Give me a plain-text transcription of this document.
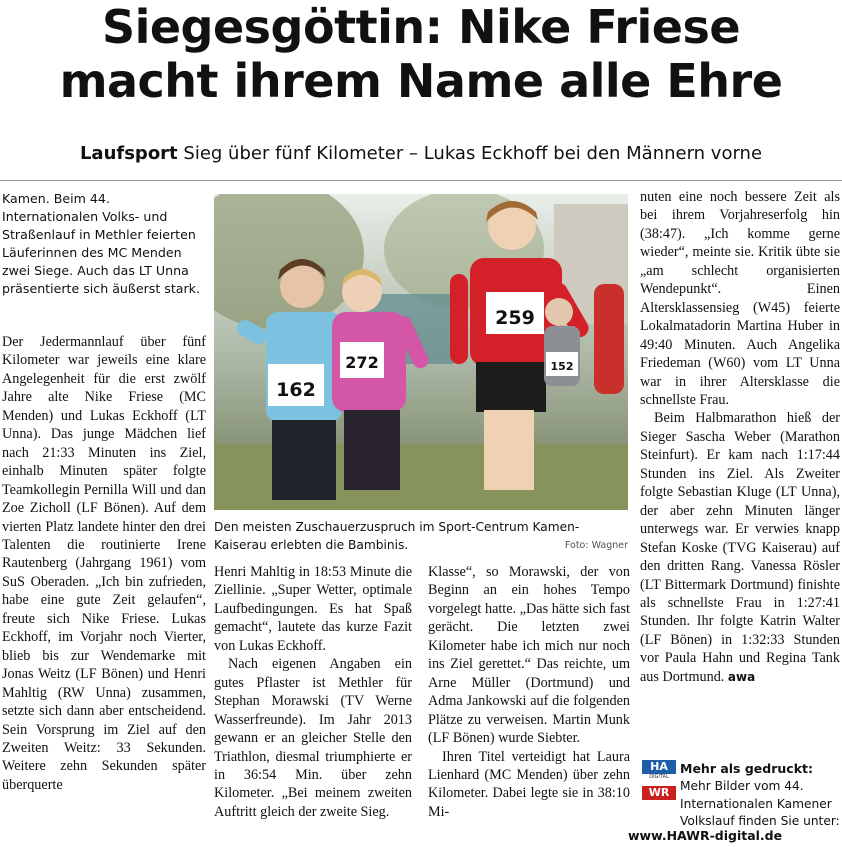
Siegesgöttin: Nike Friese
macht ihrem Name alle Ehre
Laufsport Sieg über fünf Kilometer – Lukas Eckhoff bei den Männern vorne

Kamen. Beim 44. Internationalen Volks- und Straßenlauf in Methler feierten Läuferinnen des MC Menden zwei Siege. Auch das LT Unna präsentierte sich äußerst stark.

Der Jedermannlauf über fünf Kilometer war jeweils eine klare Angelegenheit für die erst zwölf Jahre alte Nike Friese (MC Menden) und Lukas Eckhoff (LT Unna). Das junge Mädchen lief nach 21:33 Minuten ins Ziel, einhalb Minuten später folgte Teamkollegin Pernilla Will und dan Zoe Zicholl (LF Bönen). Auf dem vierten Platz landete hinter den drei Talenten die routinierte Irene Rautenberg (Jahrgang 1961) vom SuS Oberaden. „Ich bin zufrieden, habe eine gute Zeit gelaufen“, freute sich Nike Friese. Lukas Eckhoff, im Vorjahr noch Vierter, blieb bis zur Wendemarke mit Jonas Weitz (LF Bönen) und Henri Mahltig (RW Unna) zusammen, setzte sich dann aber entscheidend. Sein Vorsprung im Ziel auf den Zweiten Weitz: 33 Sekunden. Weitere zehn Sekunden später überquerte

162
272
259
152

Den meisten Zuschauerzuspruch im Sport-Centrum Kamen-Kaiserau erlebten die Bambinis.	Foto: Wagner

Henri Mahltig in 18:53 Minute die Ziellinie. „Super Wetter, optimale Laufbedingungen. Es hat Spaß gemacht“, lautete das kurze Fazit von Lukas Eckhoff.

Nach eigenen Angaben ein gutes Pflaster ist Methler für Stephan Morawski (TV Werne Wasserfreunde). Im Jahr 2013 gewann er an gleicher Stelle den Triathlon, diesmal triumphierte er in 36:54 Min. über zehn Kilometer. „Bei meinem zweiten Auftritt gleich der zweite Sieg.

Klasse“, so Morawski, der von Beginn an ein hohes Tempo vorgelegt hatte. „Das hätte sich fast gerächt. Die letzten zwei Kilometer habe ich mich nur noch ins Ziel gerettet.“ Das reichte, um Arne Müller (Dortmund) und Adma Jankowski auf die folgenden Plätze zu verweisen. Martin Munk (LF Bönen) wurde Siebter.

Ihren Titel verteidigt hat Laura Lienhard (MC Menden) über zehn Kilometer. Dabei legte sie in 38:10 Mi-

nuten eine noch bessere Zeit als bei ihrem Vorjahreserfolg hin (38:47). „Ich komme gerne wieder“, meinte sie. Kritik übte sie „am schlecht organisierten Wendepunkt“. Einen Altersklassensieg (W45) feierte Lokalmatadorin Martina Huber in 49:40 Minuten. Auch Angelika Friedeman (W60) vom LT Unna war in ihrer Altersklasse die schnellste Frau.

Beim Halbmarathon hieß der Sieger Sascha Weber (Marathon Steinfurt). Er kam nach 1:17:44 Stunden ins Ziel. Als Zweiter folgte Sebastian Kluge (LT Unna), der aber zehn Minuten länger unterwegs war. Er verwies knapp Stefan Koske (TVG Kaiserau) auf den dritten Rang. Vanessa Rösler (LT Bittermark Dortmund) finishte als schnellste Frau in 1:27:41 Stunden. Ihr folgte Katrin Walter (LF Bönen) in 1:32:33 Stunden vor Paula Hahn und Regina Tank aus Dortmund. awa

HA
DIGITAL
WR
Mehr als gedruckt:
Mehr Bilder vom 44. Internationalen Kamener Volkslauf finden Sie unter:
www.HAWR-digital.de
